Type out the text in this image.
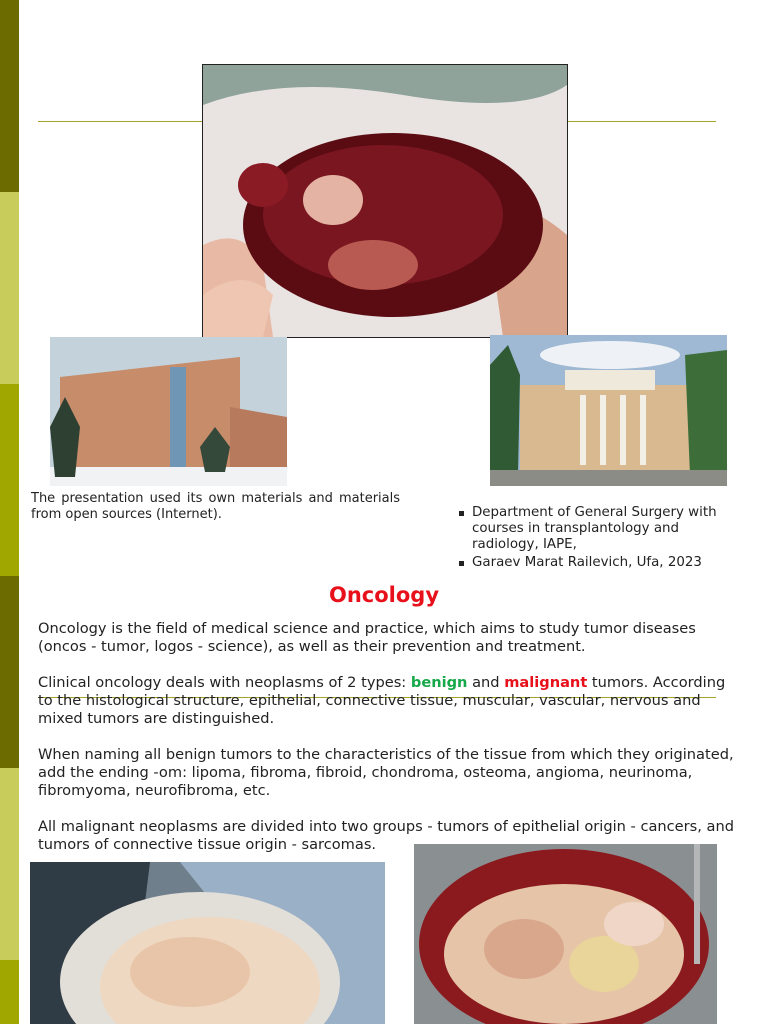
The presentation used its own materials and materials from open sources (Internet).	Department of General Surgery with courses in transplantology and radiology, IAPE,
Garaev Marat Railevich, Ufa, 2023
Oncology

Oncology is the field of medical science and practice, which aims to study tumor diseases (oncos - tumor, logos - science), as well as their prevention and treatment.

Clinical oncology deals with neoplasms of 2 types: benign and malignant tumors. According to the histological structure, epithelial, connective tissue, muscular, vascular, nervous and mixed tumors are distinguished.

When naming all benign tumors to the characteristics of the tissue from which they originated, add the ending -om: lipoma, fibroma, fibroid, chondroma, osteoma, angioma, neurinoma, fibromyoma, neurofibroma, etc.

All malignant neoplasms are divided into two groups - tumors of epithelial origin - cancers, and tumors of connective tissue origin - sarcomas.
